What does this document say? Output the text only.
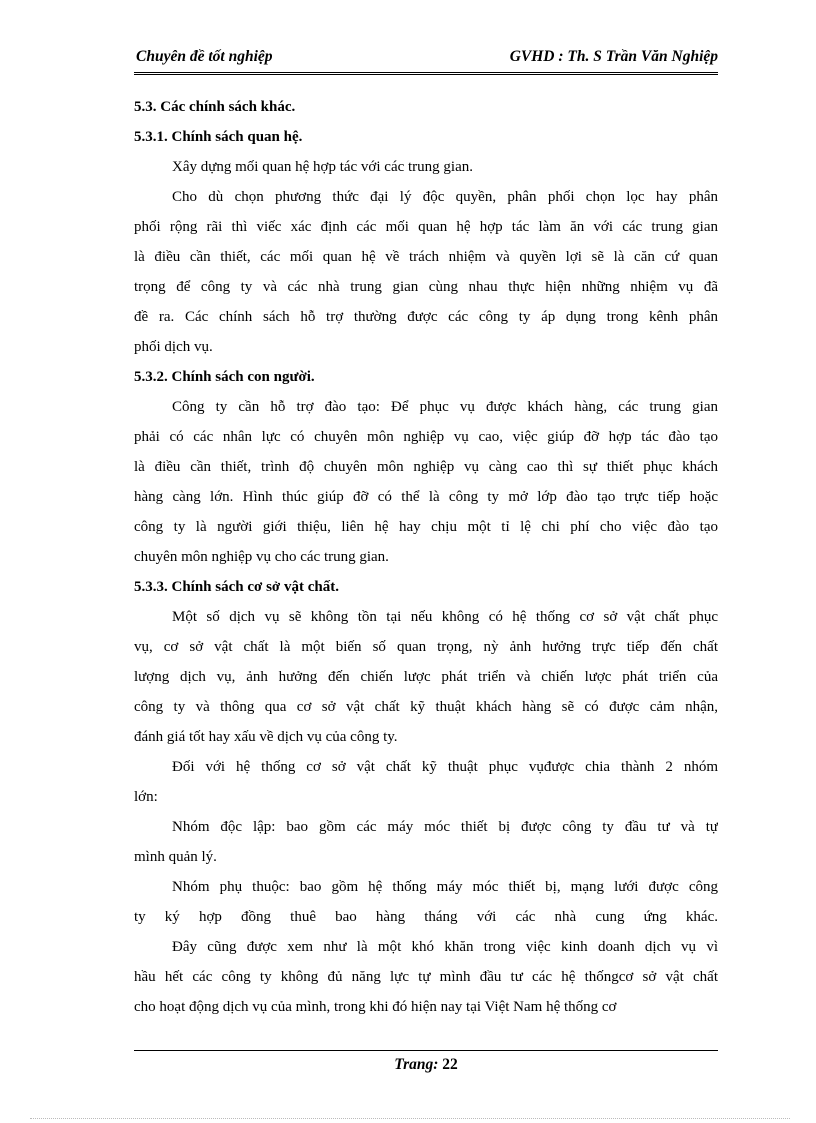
Chuyên đề tốt nghiệp	GVHD : Th. S Trần Văn Nghiệp
5.3. Các chính sách khác.
5.3.1. Chính sách quan hệ.
Xây dựng mối quan hệ hợp tác với các trung gian.
Cho dù chọn phương thức đại lý độc quyền, phân phối chọn lọc hay phân
phối rộng rãi thì viếc xác định các mối quan hệ hợp tác làm ăn với các trung gian
là điều cần thiết, các mối quan hệ về trách nhiệm và quyền lợi sẽ là căn cứ quan
trọng để công ty và các nhà trung gian cùng nhau thực hiện những nhiệm vụ đã
đề ra. Các chính sách hỗ trợ thường được các công ty áp dụng trong kênh phân
phối dịch vụ.
5.3.2. Chính sách con người.
Công ty cần hỗ trợ đào tạo: Để phục vụ được khách hàng, các trung gian
phải có các nhân lực có chuyên môn nghiệp vụ cao, việc giúp đỡ hợp tác đào tạo
là điều cần thiết, trình độ chuyên môn nghiệp vụ càng cao thì sự thiết phục khách
hàng càng lớn. Hình thúc giúp đỡ có thể là công ty mở lớp đào tạo trực tiếp hoặc
công ty là người giới thiệu, liên hệ hay chịu một tỉ lệ chi phí cho việc đào tạo
chuyên môn nghiệp vụ cho các trung gian.
5.3.3. Chính sách cơ sở vật chất.
Một số dịch vụ sẽ không tồn tại nếu không có hệ thống cơ sở vật chất phục
vụ, cơ sở vật chất là một biến số quan trọng, nỳ ảnh hưởng trực tiếp đến chất
lượng dịch vụ, ảnh hưởng đến chiến lược phát triển và chiến lược phát triển của
công ty và thông qua cơ sở vật chất kỹ thuật khách hàng sẽ có được cảm nhận,
đánh giá tốt hay xấu về dịch vụ của công ty.
Đối với hệ thống cơ sở vật chất kỹ thuật phục vụđược chia thành 2 nhóm
lớn:
Nhóm độc lập: bao gồm các máy móc thiết bị được công ty đầu tư và tự
mình quản lý.
Nhóm phụ thuộc: bao gồm hệ thống máy móc thiết bị, mạng lưới được công
ty ký hợp đồng thuê bao hàng tháng với các nhà cung ứng khác.
Đây cũng được xem như là một khó khăn trong việc kinh doanh dịch vụ vì
hầu hết các công ty không đủ năng lực tự mình đầu tư các hệ thốngcơ sở vật chất
cho hoạt động dịch vụ của mình, trong khi đó hiện nay tại Việt Nam hệ thống cơ
Trang: 22
